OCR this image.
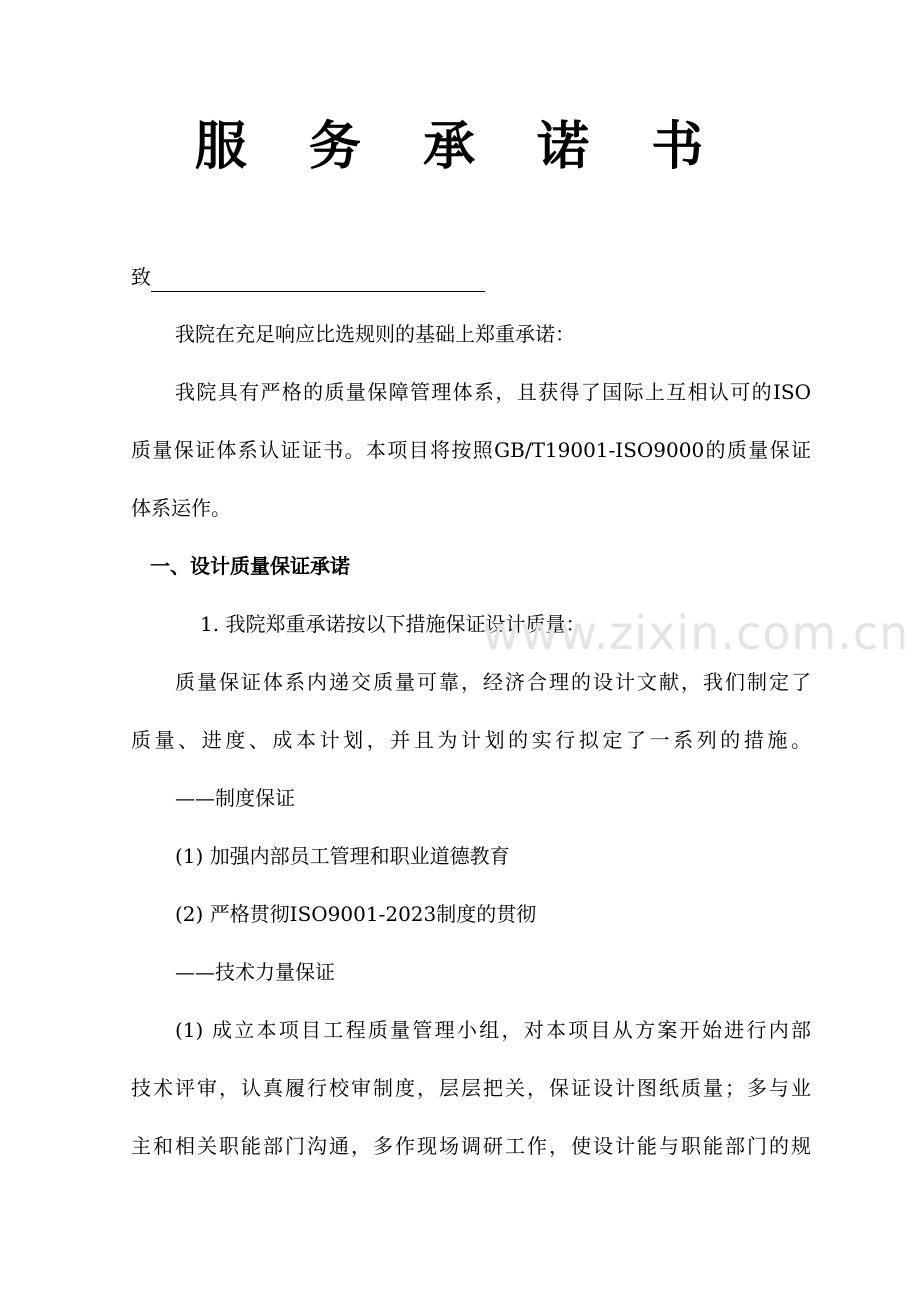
服 务 承 诺 书
致
我院在充足响应比选规则的基础上郑重承诺：
我院具有严格的质量保障管理体系，且获得了国际上互相认可的ISO
质量保证体系认证证书。本项目将按照GB/T19001-ISO9000的质量保证
体系运作。
一、设计质量保证承诺
1. 我院郑重承诺按以下措施保证设计质量：
质量保证体系内递交质量可靠，经济合理的设计文献，我们制定了
质量、进度、成本计划，并且为计划的实行拟定了一系列的措施。
——制度保证
(1) 加强内部员工管理和职业道德教育
(2) 严格贯彻ISO9001-2023制度的贯彻
——技术力量保证
(1) 成立本项目工程质量管理小组，对本项目从方案开始进行内部
技术评审，认真履行校审制度，层层把关，保证设计图纸质量；多与业
主和相关职能部门沟通，多作现场调研工作，使设计能与职能部门的规
www.zixin.com.cn
